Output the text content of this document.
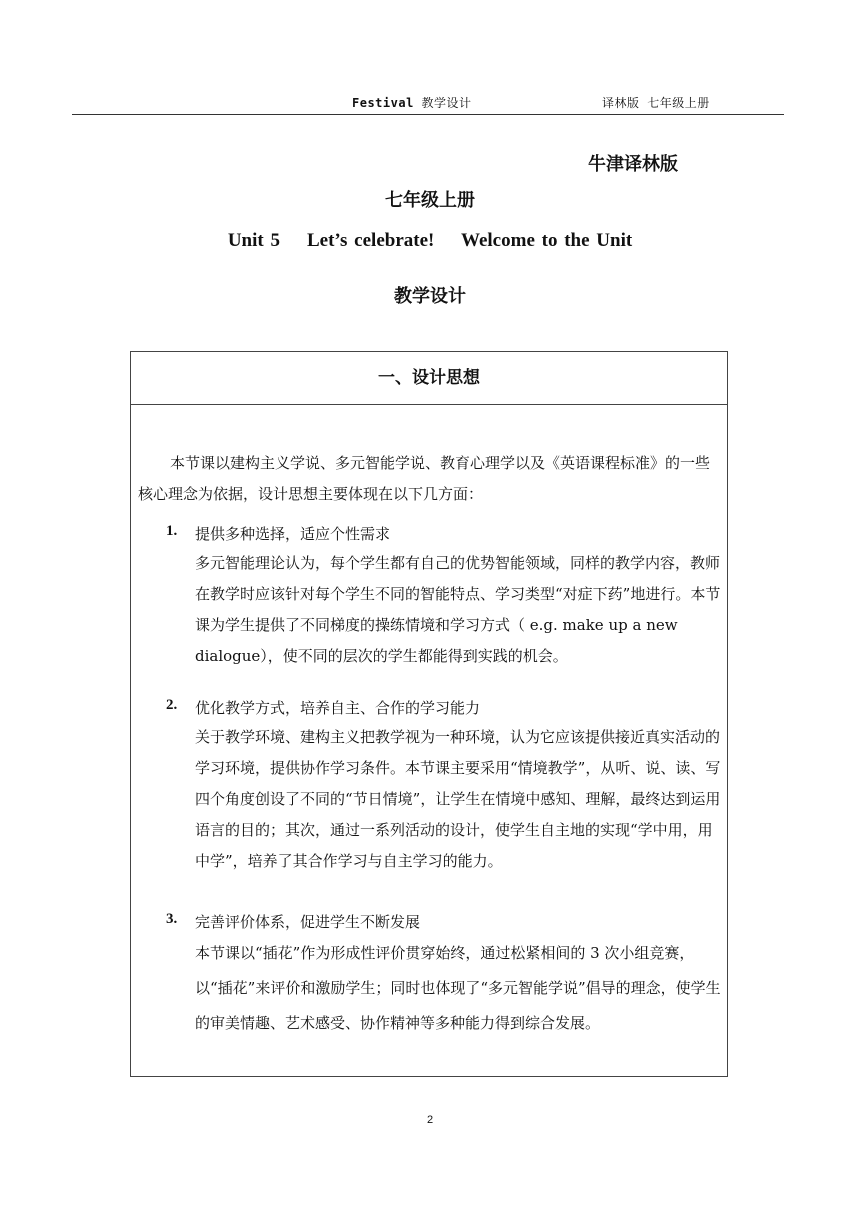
Festival 教学设计	译林版 七年级上册
牛津译林版
七年级上册
Unit 5 Let’s celebrate! Welcome to the Unit
教学设计
一、设计思想
本节课以建构主义学说、多元智能学说、教育心理学以及《英语课程标准》的一些核心理念为依据，设计思想主要体现在以下几方面：
1. 提供多种选择，适应个性需求
多元智能理论认为，每个学生都有自己的优势智能领域，同样的教学内容，教师在教学时应该针对每个学生不同的智能特点、学习类型“对症下药”地进行。本节课为学生提供了不同梯度的操练情境和学习方式（ e.g. make up a new dialogue），使不同的层次的学生都能得到实践的机会。
2. 优化教学方式，培养自主、合作的学习能力
关于教学环境、建构主义把教学视为一种环境，认为它应该提供接近真实活动的学习环境，提供协作学习条件。本节课主要采用“情境教学”，从听、说、读、写四个角度创设了不同的“节日情境”，让学生在情境中感知、理解，最终达到运用语言的目的；其次，通过一系列活动的设计，使学生自主地的实现“学中用，用中学”，培养了其合作学习与自主学习的能力。
3. 完善评价体系，促进学生不断发展
本节课以“插花”作为形成性评价贯穿始终，通过松紧相间的 3 次小组竞赛，以“插花”来评价和激励学生；同时也体现了“多元智能学说”倡导的理念，使学生的审美情趣、艺术感受、协作精神等多种能力得到综合发展。
2
